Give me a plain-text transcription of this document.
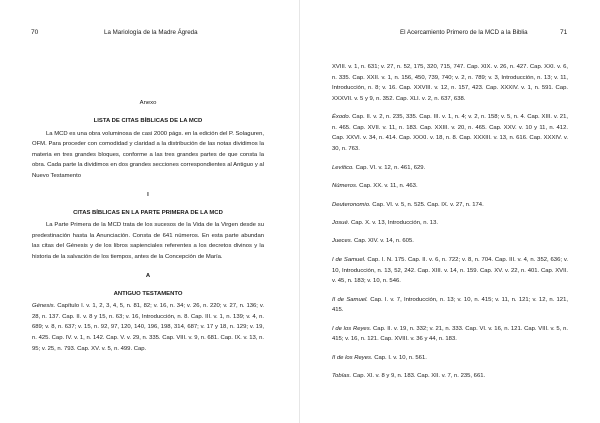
70	La Mariología de la Madre Ágreda

Anexo

LISTA DE CITAS BÍBLICAS DE LA MCD

La MCD es una obra voluminosa de casi 2000 págs. en la edición del P. Solaguren, OFM. Para proceder con comodidad y claridad a la distribución de las notas dividimos la materia en tres grandes bloques, conforme a las tres grandes partes de que consta la obra. Cada parte la dividimos en dos grandes secciones correspondientes al Antiguo y al Nuevo Testamento

I

CITAS BÍBLICAS EN LA PARTE PRIMERA DE LA MCD

La Parte Primera de la MCD trata de los sucesos de la Vida de la Virgen desde su predestinación hasta la Anunciación. Consta de 641 números. En esta parte abundan las citas del Génesis y de los libros sapienciales referentes a los decretos divinos y la historia de la salvación de los tiempos, antes de la Concepción de María.

A

ANTIGUO TESTAMENTO

Génesis. Capítulo I. v. 1, 2, 3, 4, 5, n. 81, 82; v. 16, n. 34; v. 26, n. 220; v. 27, n. 136; v. 28, n. 137. Cap. II. v. 8 y 15, n. 63; v. 16, Introducción, n. 8. Cap. III. v. 1, n. 139; v. 4, n. 689; v. 8, n. 637; v. 15, n. 92, 97, 120, 140, 196, 198, 314, 687; v. 17 y 18, n. 129; v. 19, n. 425. Cap. IV. v. 1, n. 142. Cap. V. v. 29, n. 335. Cap. VIII. v. 9, n. 681. Cap. IX. v. 13, n. 95; v. 25, n. 793. Cap. XV. v. 5, n. 499. Cap.

El Acercamiento Primero de la MCD a la Biblia	71

XVIII. v. 1, n. 631; v. 27, n. 52, 175, 320, 715, 747. Cap. XIX. v. 26, n. 427. Cap. XXI. v. 6, n. 335. Cap. XXII. v. 1, n. 156, 450, 739, 740; v. 2, n. 789; v. 3, Introducción, n. 13; v. 11, Introducción, n. 8; v. 16. Cap. XXVIII. v. 12, n. 157, 423. Cap. XXXIV. v. 1, n. 591. Cap. XXXVII. v. 5 y 9, n. 352. Cap. XLI. v. 2, n. 637, 638.

Éxodo. Cap. II. v. 2, n. 235, 335. Cap. III. v. 1, n. 4; v. 2, n. 158; v. 5, n. 4. Cap. XIII. v. 21, n. 465. Cap. XVII. v. 11, n. 183. Cap. XXIII. v. 20, n. 465. Cap. XXV. v. 10 y 11, n. 412. Cap. XXVI. v. 34, n. 414. Cap. XXXI. v. 18, n. 8. Cap. XXXIII. v. 13, n. 616. Cap. XXXIV. v. 30, n. 763.

Levítico. Cap. VI. v. 12, n. 461, 629.

Números. Cap. XX. v. 11, n. 463.

Deuteronomio. Cap. VI. v. 5, n. 525. Cap. IX. v. 27, n. 174.

Josué. Cap. X. v. 13, Introducción, n. 13.

Jueces. Cap. XIV. v. 14, n. 605.

I de Samuel. Cap. I. N. 175. Cap. II. v. 6, n. 722; v. 8, n. 704. Cap. III. v. 4, n. 352, 636; v. 10, Introducción, n. 13, 52, 242. Cap. XIII. v. 14, n. 159. Cap. XV. v. 22, n. 401. Cap. XVII. v. 45, n. 183; v. 10, n. 546.

II de Samuel. Cap. I. v. 7, Introducción, n. 13; v. 10, n. 415; v. 11, n. 121; v. 12, n. 121, 415.

I de los Reyes. Cap. II. v. 19, n. 332; v. 21, n. 333. Cap. VI. v. 16, n. 121. Cap. VIII. v. 5, n. 415; v. 16, n. 121. Cap. XVIII. v. 36 y 44, n. 183.

II de los Reyes. Cap. I. v. 10, n. 561.

Tobías. Cap. XI. v. 8 y 9, n. 183. Cap. XII. v. 7, n. 235, 661.
